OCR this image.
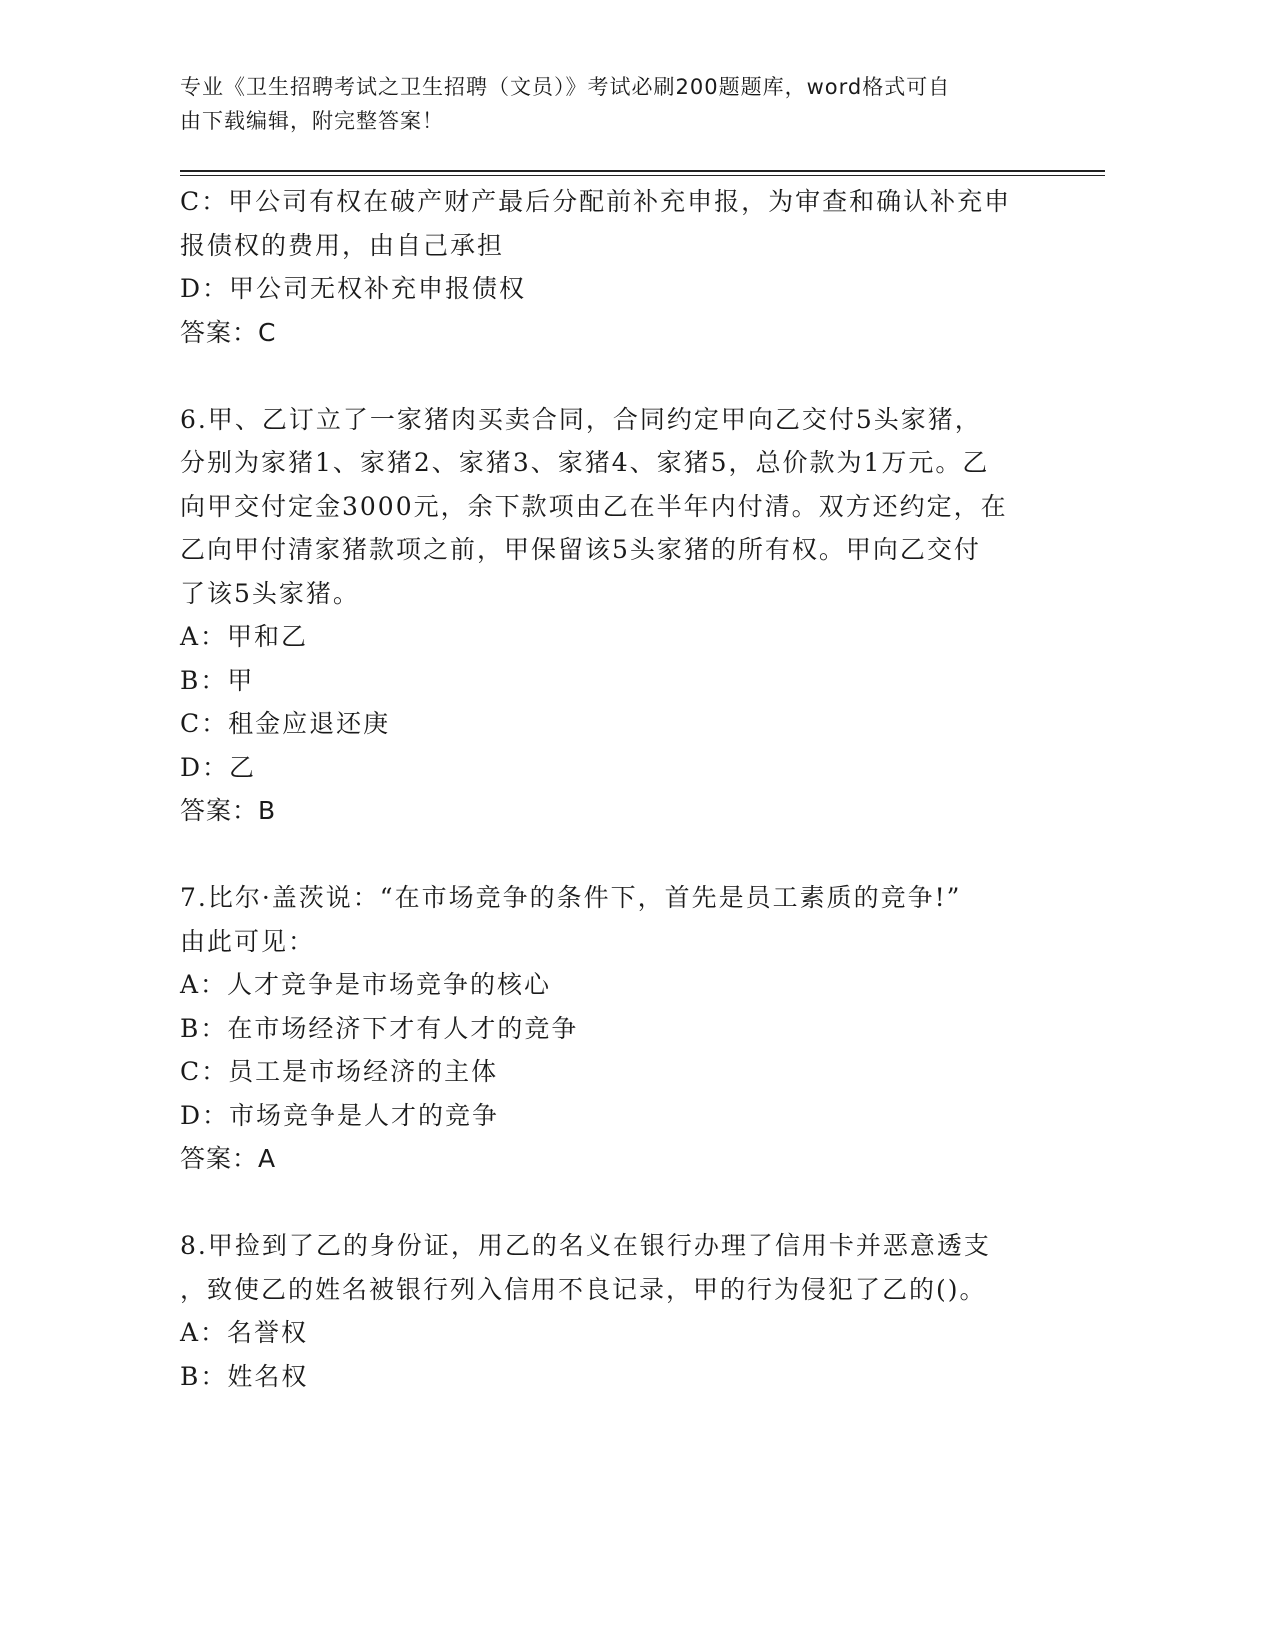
专业《卫生招聘考试之卫生招聘（文员）》考试必刷200题题库，word格式可自
由下载编辑，附完整答案！
C：甲公司有权在破产财产最后分配前补充申报，为审查和确认补充申
报债权的费用，由自己承担
D：甲公司无权补充申报债权
答案：C
6.甲、乙订立了一家猪肉买卖合同，合同约定甲向乙交付5头家猪，
分别为家猪1、家猪2、家猪3、家猪4、家猪5，总价款为1万元。乙
向甲交付定金3000元，余下款项由乙在半年内付清。双方还约定，在
乙向甲付清家猪款项之前，甲保留该5头家猪的所有权。甲向乙交付
了该5头家猪。
A：甲和乙
B：甲
C：租金应退还庚
D：乙
答案：B
7.比尔·盖茨说：“在市场竞争的条件下，首先是员工素质的竞争!”
由此可见：
A：人才竞争是市场竞争的核心
B：在市场经济下才有人才的竞争
C：员工是市场经济的主体
D：市场竞争是人才的竞争
答案：A
8.甲捡到了乙的身份证，用乙的名义在银行办理了信用卡并恶意透支
，致使乙的姓名被银行列入信用不良记录，甲的行为侵犯了乙的()。
A：名誉权
B：姓名权
